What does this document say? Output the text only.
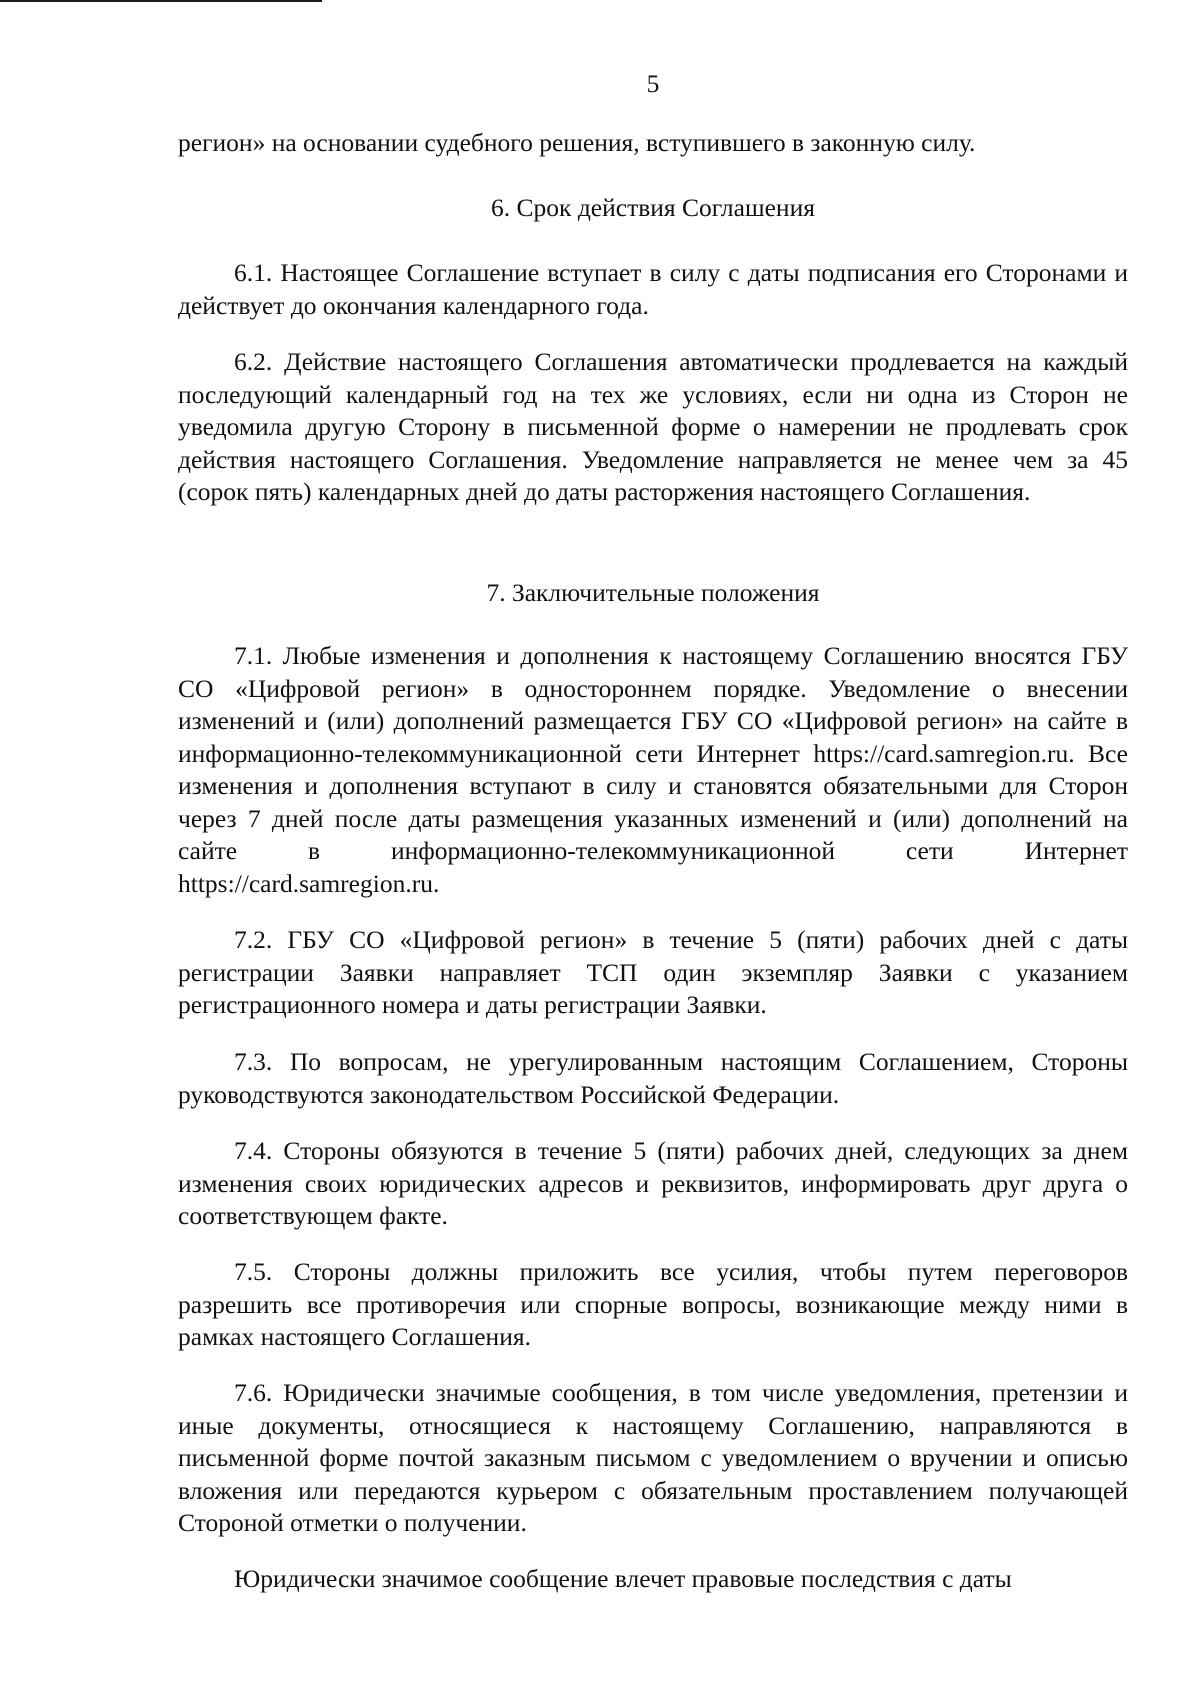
5

регион» на основании судебного решения, вступившего в законную силу.

6. Срок действия Соглашения

6.1. Настоящее Соглашение вступает в силу с даты подписания его Сторонами и действует до окончания календарного года.

6.2. Действие настоящего Соглашения автоматически продлевается на каждый последующий календарный год на тех же условиях, если ни одна из Сторон не уведомила другую Сторону в письменной форме о намерении не продлевать срок действия настоящего Соглашения. Уведомление направляется не менее чем за 45 (сорок пять) календарных дней до даты расторжения настоящего Соглашения.

7. Заключительные положения

7.1. Любые изменения и дополнения к настоящему Соглашению вносятся ГБУ СО «Цифровой регион» в одностороннем порядке. Уведомление о внесении изменений и (или) дополнений размещается ГБУ СО «Цифровой регион» на сайте в информационно-телекоммуникационной сети Интернет https://card.samregion.ru. Все изменения и дополнения вступают в силу и становятся обязательными для Сторон через 7 дней после даты размещения указанных изменений и (или) дополнений на сайте в информационно-телекоммуникационной сети Интернет https://card.samregion.ru.

7.2. ГБУ СО «Цифровой регион» в течение 5 (пяти) рабочих дней с даты регистрации Заявки направляет ТСП один экземпляр Заявки с указанием регистрационного номера и даты регистрации Заявки.

7.3. По вопросам, не урегулированным настоящим Соглашением, Стороны руководствуются законодательством Российской Федерации.

7.4. Стороны обязуются в течение 5 (пяти) рабочих дней, следующих за днем изменения своих юридических адресов и реквизитов, информировать друг друга о соответствующем факте.

7.5. Стороны должны приложить все усилия, чтобы путем переговоров разрешить все противоречия или спорные вопросы, возникающие между ними в рамках настоящего Соглашения.

7.6. Юридически значимые сообщения, в том числе уведомления, претензии и иные документы, относящиеся к настоящему Соглашению, направляются в письменной форме почтой заказным письмом с уведомлением о вручении и описью вложения или передаются курьером с обязательным проставлением получающей Стороной отметки о получении.

Юридически значимое сообщение влечет правовые последствия с даты
